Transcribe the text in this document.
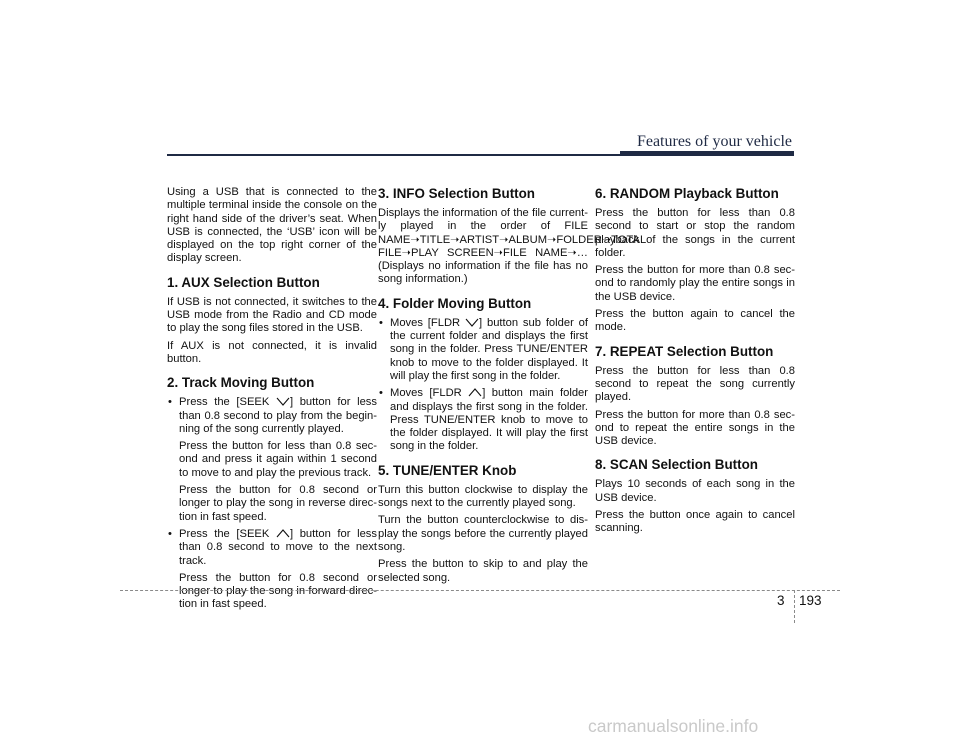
Features of your vehicle

Using a USB that is connected to the multiple terminal inside the console on the right hand side of the driver’s seat. When USB is connected, the ‘USB’ icon will be displayed on the top right corner of the display screen.

1. AUX Selection Button

If USB is not connected, it switches to the USB mode from the Radio and CD mode to play the song files stored in the USB.

If AUX is not connected, it is invalid button.

2. Track Moving Button

• Press the [SEEK ] button for less than 0.8 second to play from the begin-ning of the song currently played.

Press the button for less than 0.8 sec-ond and press it again within 1 second to move to and play the previous track.

Press the button for 0.8 second or longer to play the song in reverse direc-tion in fast speed.

• Press the [SEEK ] button for less than 0.8 second to move to the next track.

Press the button for 0.8 second or longer to play the song in forward direc-tion in fast speed.

3. INFO Selection Button

Displays the information of the file current-ly played in the order of FILE NAME➝TITLE➝ARTIST➝ALBUM➝FOLDER➝TOTAL FILE➝PLAY SCREEN➝FILE NAME➝… (Displays no information if the file has no song information.)

4. Folder Moving Button

• Moves [FLDR ] button sub folder of the current folder and displays the first song in the folder. Press TUNE/ENTER knob to move to the folder displayed. It will play the first song in the folder.

• Moves [FLDR ] button main folder and displays the first song in the folder. Press TUNE/ENTER knob to move to the folder displayed. It will play the first song in the folder.

5. TUNE/ENTER Knob

Turn this button clockwise to display the songs next to the currently played song.

Turn the button counterclockwise to dis-play the songs before the currently played song.

Press the button to skip to and play the selected song.

6. RANDOM Playback Button

Press the button for less than 0.8 second to start or stop the random playback of the songs in the current folder.

Press the button for more than 0.8 sec-ond to randomly play the entire songs in the USB device.

Press the button again to cancel the mode.

7. REPEAT Selection Button

Press the button for less than 0.8 second to repeat the song currently played.

Press the button for more than 0.8 sec-ond to repeat the entire songs in the USB device.

8. SCAN Selection Button

Plays 10 seconds of each song in the USB device.

Press the button once again to cancel scanning.

3 193
carmanualsonline.info
